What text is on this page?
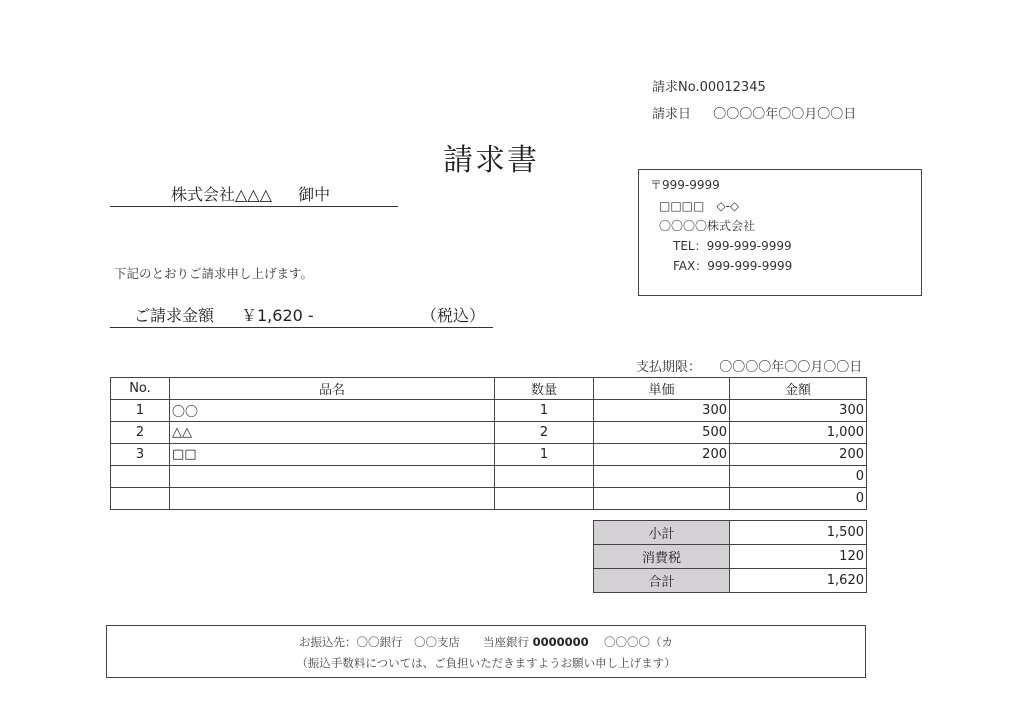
請求No.00012345
請求日 〇〇〇〇年〇〇月〇〇日
請求書
株式会社△△△ 御中	〒999-9999
□□□□　◇-◇
〇〇〇〇株式会社
TEL：999-999-9999
FAX：999-999-9999
下記のとおりご請求申し上げます。
ご請求金額 ￥1,620 -	（税込）
支払期限： 〇〇〇〇年〇〇月〇〇日
No.	品名	数量	単価	金額
1	〇〇	1	300	300
2	△△	2	500	1,000
3	□□	1	200	200
				0
				0
小計	1,500
消費税	120
合計	1,620
お振込先：〇〇銀行　〇〇支店　　当座銀行 0000000 〇〇〇〇（カ
（振込手数料については、ご負担いただきますようお願い申し上げます）
